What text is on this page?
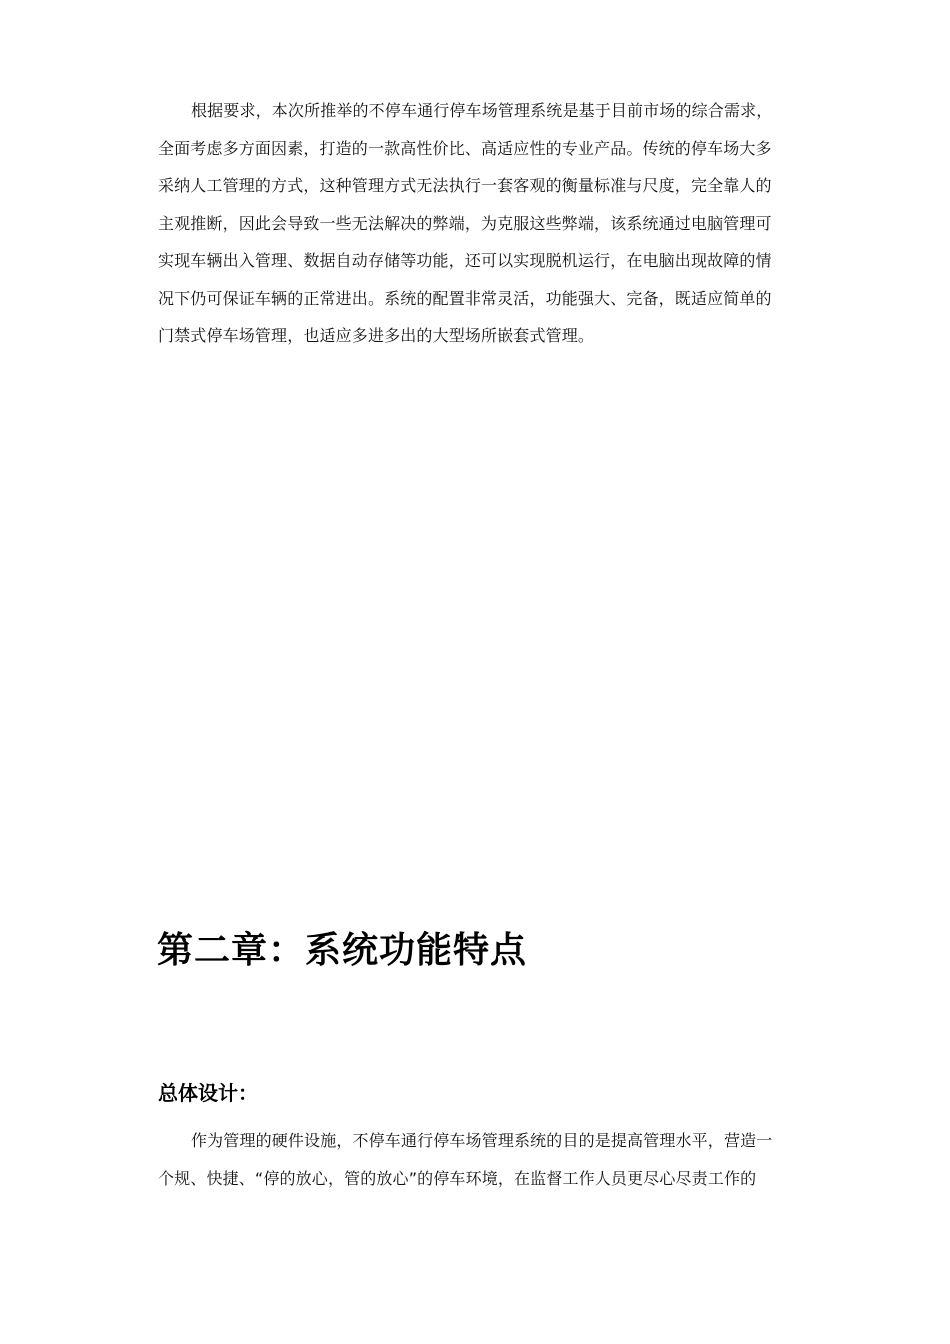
根据要求，本次所推举的不停车通行停车场管理系统是基于目前市场的综合需求，
全面考虑多方面因素，打造的一款高性价比、高适应性的专业产品。传统的停车场大多
采纳人工管理的方式，这种管理方式无法执行一套客观的衡量标准与尺度，完全靠人的
主观推断，因此会导致一些无法解决的弊端，为克服这些弊端，该系统通过电脑管理可
实现车辆出入管理、数据自动存储等功能，还可以实现脱机运行，在电脑出现故障的情
况下仍可保证车辆的正常进出。系统的配置非常灵活，功能强大、完备，既适应简单的
门禁式停车场管理，也适应多进多出的大型场所嵌套式管理。
第二章：系统功能特点
总体设计：
作为管理的硬件设施，不停车通行停车场管理系统的目的是提高管理水平，营造一
个规、快捷、“停的放心，管的放心”的停车环境，在监督工作人员更尽心尽责工作的
